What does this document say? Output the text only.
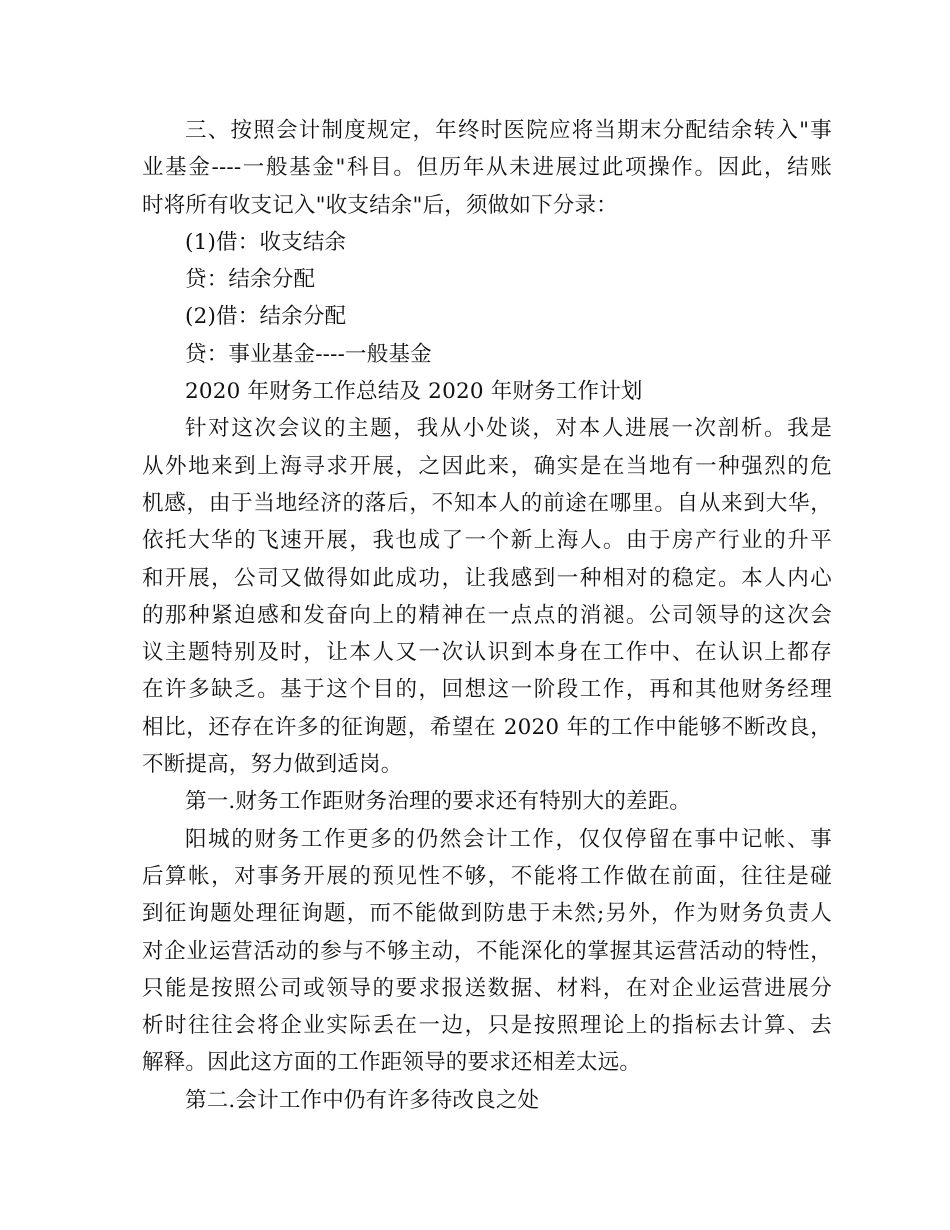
三、按照会计制度规定，年终时医院应将当期末分配结余转入"事
业基金----一般基金"科目。但历年从未进展过此项操作。因此，结账
时将所有收支记入"收支结余"后，须做如下分录：
(1)借：收支结余
贷：结余分配
(2)借：结余分配
贷：事业基金----一般基金
2020 年财务工作总结及 2020 年财务工作计划
针对这次会议的主题，我从小处谈，对本人进展一次剖析。我是
从外地来到上海寻求开展，之因此来，确实是在当地有一种强烈的危
机感，由于当地经济的落后，不知本人的前途在哪里。自从来到大华，
依托大华的飞速开展，我也成了一个新上海人。由于房产行业的升平
和开展，公司又做得如此成功，让我感到一种相对的稳定。本人内心
的那种紧迫感和发奋向上的精神在一点点的消褪。公司领导的这次会
议主题特别及时，让本人又一次认识到本身在工作中、在认识上都存
在许多缺乏。基于这个目的，回想这一阶段工作，再和其他财务经理
相比，还存在许多的征询题，希望在 2020 年的工作中能够不断改良，
不断提高，努力做到适岗。
第一.财务工作距财务治理的要求还有特别大的差距。
阳城的财务工作更多的仍然会计工作，仅仅停留在事中记帐、事
后算帐，对事务开展的预见性不够，不能将工作做在前面，往往是碰
到征询题处理征询题，而不能做到防患于未然;另外，作为财务负责人
对企业运营活动的参与不够主动，不能深化的掌握其运营活动的特性，
只能是按照公司或领导的要求报送数据、材料，在对企业运营进展分
析时往往会将企业实际丢在一边，只是按照理论上的指标去计算、去
解释。因此这方面的工作距领导的要求还相差太远。
第二.会计工作中仍有许多待改良之处
